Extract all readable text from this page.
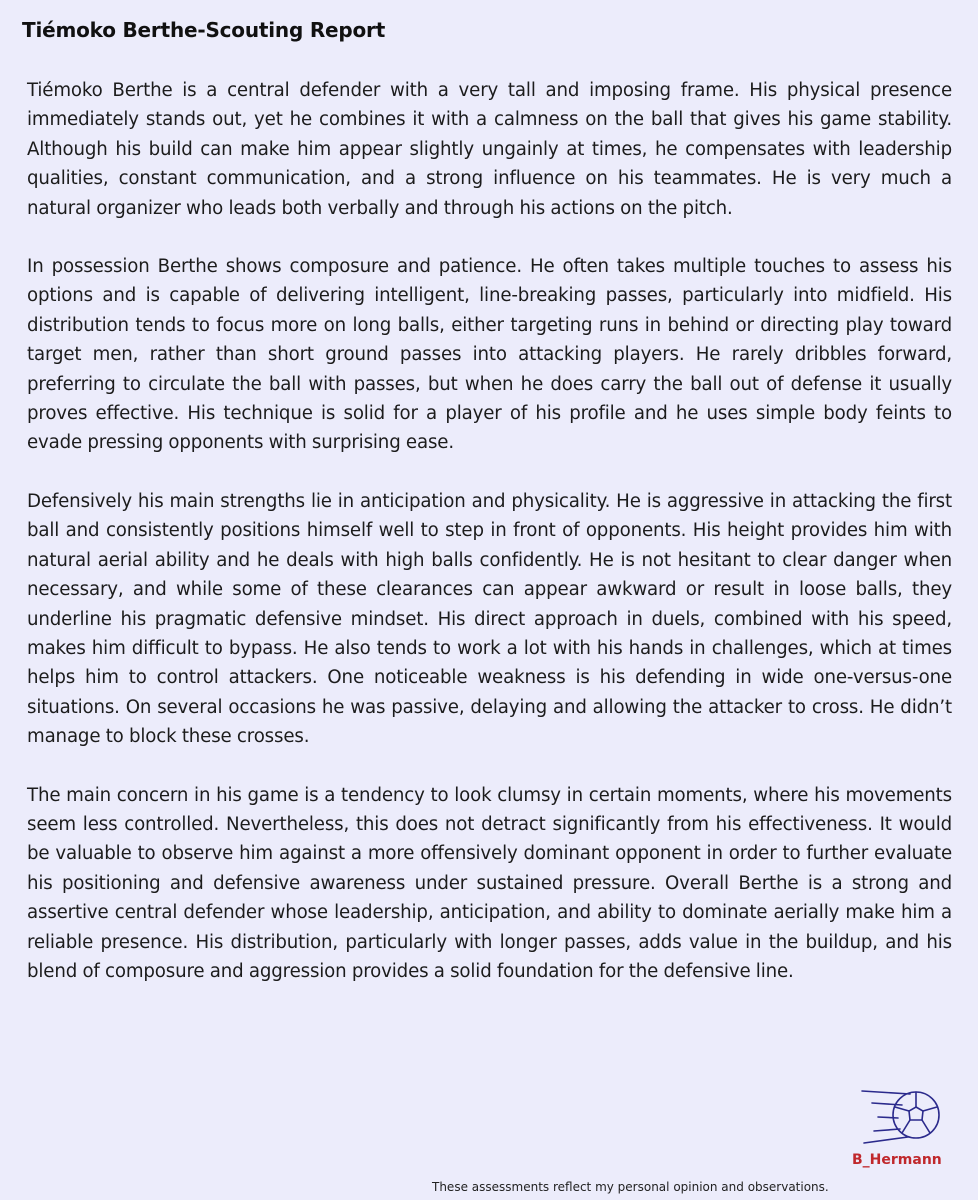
Tiémoko Berthe-Scouting Report

Tiémoko Berthe is a central defender with a very tall and imposing frame. His physical presence immediately stands out, yet he combines it with a calmness on the ball that gives his game stability. Although his build can make him appear slightly ungainly at times, he compensates with leadership qualities, constant communication, and a strong influence on his teammates. He is very much a natural organizer who leads both verbally and through his actions on the pitch.

In possession Berthe shows composure and patience. He often takes multiple touches to assess his options and is capable of delivering intelligent, line-breaking passes, particularly into midfield. His distribution tends to focus more on long balls, either targeting runs in behind or directing play toward target men, rather than short ground passes into attacking players. He rarely dribbles forward, preferring to circulate the ball with passes, but when he does carry the ball out of defense it usually proves effective. His technique is solid for a player of his profile and he uses simple body feints to evade pressing opponents with surprising ease.

Defensively his main strengths lie in anticipation and physicality. He is aggressive in attacking the first ball and consistently positions himself well to step in front of opponents. His height provides him with natural aerial ability and he deals with high balls confidently. He is not hesitant to clear danger when necessary, and while some of these clearances can appear awkward or result in loose balls, they underline his pragmatic defensive mindset. His direct approach in duels, combined with his speed, makes him difficult to bypass. He also tends to work a lot with his hands in challenges, which at times helps him to control attackers. One noticeable weakness is his defending in wide one-versus-one situations. On several occasions he was passive, delaying and allowing the attacker to cross. He didn’t manage to block these crosses.

The main concern in his game is a tendency to look clumsy in certain moments, where his movements seem less controlled. Nevertheless, this does not detract significantly from his effectiveness. It would be valuable to observe him against a more offensively dominant opponent in order to further evaluate his positioning and defensive awareness under sustained pressure. Overall Berthe is a strong and assertive central defender whose leadership, anticipation, and ability to dominate aerially make him a reliable presence. His distribution, particularly with longer passes, adds value in the buildup, and his blend of composure and aggression provides a solid foundation for the defensive line.

B_Hermann
These assessments reflect my personal opinion and observations.
